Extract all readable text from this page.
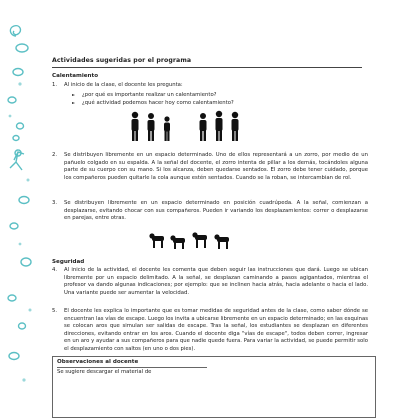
Actividades sugeridas por el programa
Calentamiento
1. Al inicio de la clase, el docente les pregunta:
► ¿por qué es importante realizar un calentamiento?
► ¿qué actividad podemos hacer hoy como calentamiento?
2. Se distribuyen libremente en un espacio determinado. Uno de ellos representará a un zorro, por medio de un pañuelo colgado en su espalda. A la señal del docente, el zorro intenta de pillar a los demás, tocándoles alguna parte de su cuerpo con su mano. Si los alcanza, deben quedarse sentados. El zorro debe tener cuidado, porque los compañeros pueden quitarle la cola aunque estén sentados. Cuando se la roban, se intercambian de rol.
3. Se distribuyen libremente en un espacio determinado en posición cuadrúpeda. A la señal, comienzan a desplazarse, evitando chocar con sus compañeros. Pueden ir variando los desplazamientos: correr o desplazarse en parejas, entre otras.
Seguridad
4. Al inicio de la actividad, el docente les comenta que deben seguir las instrucciones que dará. Luego se ubican libremente por un espacio delimitado. A la señal, se desplazan caminando a pasos agigantados, mientras el profesor va dando algunas indicaciones; por ejemplo: que se inclinen hacia atrás, hacia adelante o hacia el lado. Una variante puede ser aumentar la velocidad.
5. El docente les explica lo importante que es tomar medidas de seguridad antes de la clase, como saber dónde se encuentran las vías de escape. Luego los invita a ubicarse libremente en un espacio determinado; en las esquinas se colocan aros que simulan ser salidas de escape. Tras la señal, los estudiantes se desplazan en diferentes direcciones, evitando entrar en los aros. Cuando el docente diga "vías de escape", todos deben correr, ingresar en un aro y ayudar a sus compañeros para que nadie quede fuera. Para variar la actividad, se puede permitir solo el desplazamiento con saltos (en uno o dos pies).
Observaciones al docente
Se sugiere descargar el material de
